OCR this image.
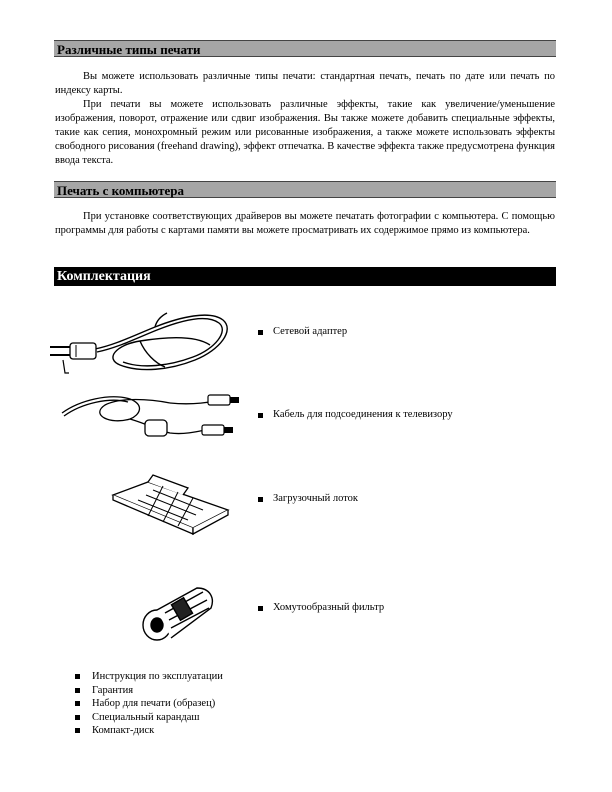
Различные типы печати

Вы можете использовать различные типы печати: стандартная печать, печать по дате или печать по индексу карты.

При печати вы можете использовать различные эффекты, такие как увеличение/уменьшение изображения, поворот, отражение или сдвиг изображения. Вы также можете добавить специальные эффекты, такие как сепия, монохромный режим или рисованные изображения, а также можете использовать эффекты свободного рисования (freehand drawing), эффект отпечатка. В качестве эффекта также предусмотрена функция ввода текста.

Печать с компьютера

При установке соответствующих драйверов вы можете печатать фотографии с компьютера. С помощью программы для работы с картами памяти вы можете просматривать их содержимое прямо из компьютера.

Комплектация
Сетевой адаптер
Кабель для подсоединения к телевизору
Загрузочный лоток
Хомутообразный фильтр
Инструкция по эксплуатации
Гарантия
Набор для печати (образец)
Специальный карандаш
Компакт-диск
